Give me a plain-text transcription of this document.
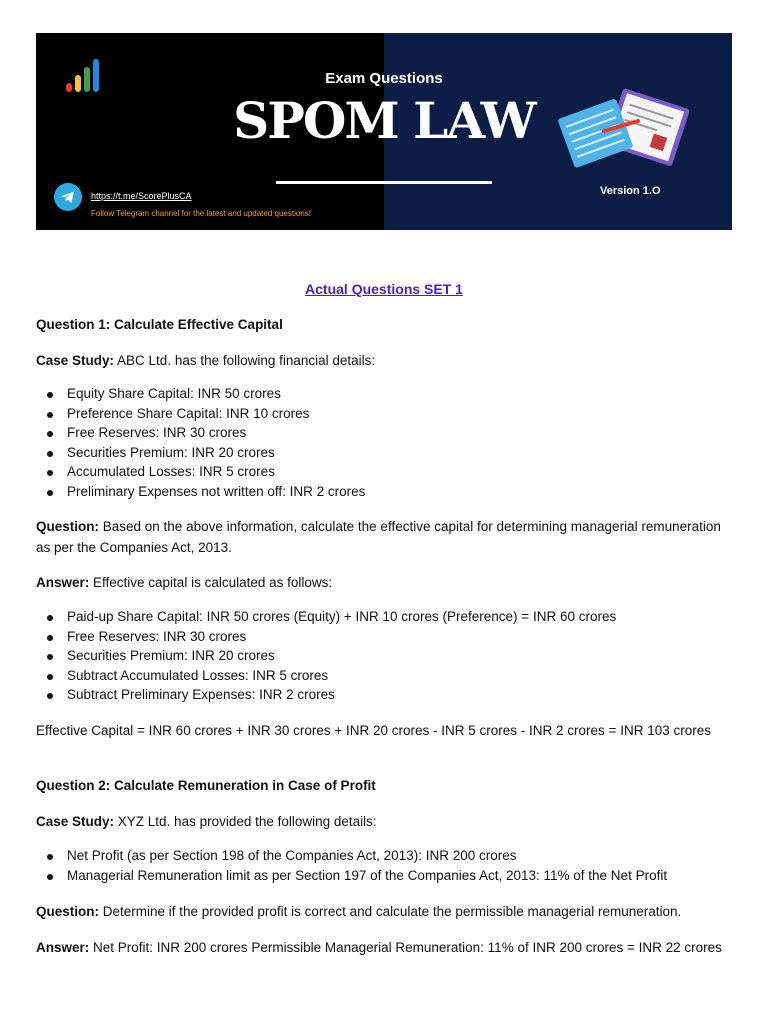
Exam Questions
SPOM LAW
Version 1.O
https://t.me/ScorePlusCA
Follow Telegram channel for the latest and updated questions!
Actual Questions SET 1

Question 1: Calculate Effective Capital

Case Study: ABC Ltd. has the following financial details:

Equity Share Capital: INR 50 crores
Preference Share Capital: INR 10 crores
Free Reserves: INR 30 crores
Securities Premium: INR 20 crores
Accumulated Losses: INR 5 crores
Preliminary Expenses not written off: INR 2 crores

Question: Based on the above information, calculate the effective capital for determining managerial remuneration as per the Companies Act, 2013.

Answer: Effective capital is calculated as follows:

Paid-up Share Capital: INR 50 crores (Equity) + INR 10 crores (Preference) = INR 60 crores
Free Reserves: INR 30 crores
Securities Premium: INR 20 crores
Subtract Accumulated Losses: INR 5 crores
Subtract Preliminary Expenses: INR 2 crores

Effective Capital = INR 60 crores + INR 30 crores + INR 20 crores - INR 5 crores - INR 2 crores = INR 103 crores

Question 2: Calculate Remuneration in Case of Profit

Case Study: XYZ Ltd. has provided the following details:

Net Profit (as per Section 198 of the Companies Act, 2013): INR 200 crores
Managerial Remuneration limit as per Section 197 of the Companies Act, 2013: 11% of the Net Profit

Question: Determine if the provided profit is correct and calculate the permissible managerial remuneration.

Answer: Net Profit: INR 200 crores Permissible Managerial Remuneration: 11% of INR 200 crores = INR 22 crores
